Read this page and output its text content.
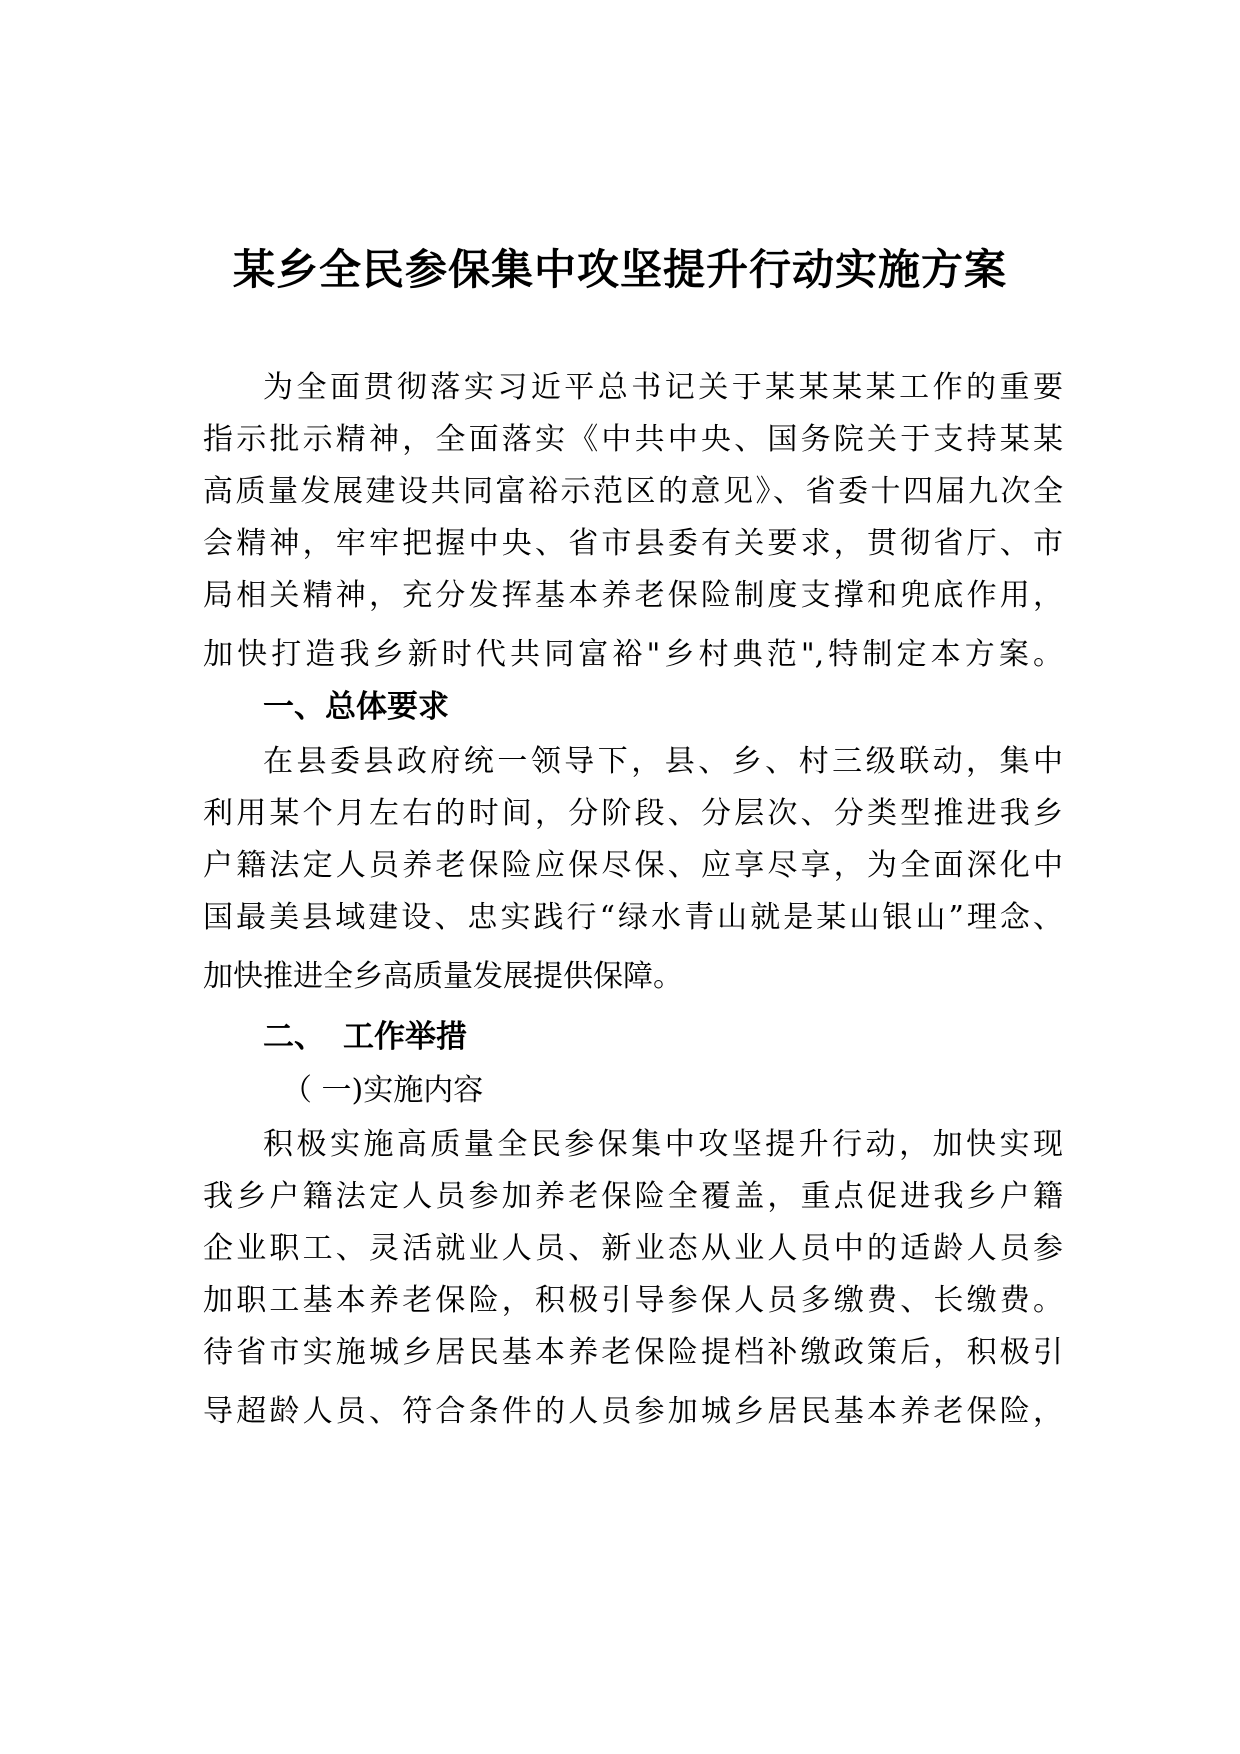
某乡全民参保集中攻坚提升行动实施方案

为全面贯彻落实习近平总书记关于某某某某工作的重要

指示批示精神，全面落实《中共中央、国务院关于支持某某

高质量发展建设共同富裕示范区的意见》、省委十四届九次全

会精神，牢牢把握中央、省市县委有关要求，贯彻省厅、市

局相关精神，充分发挥基本养老保险制度支撑和兜底作用，

加快打造我乡新时代共同富裕"乡村典范",特制定本方案。

一、总体要求

在县委县政府统一领导下，县、乡、村三级联动，集中

利用某个月左右的时间，分阶段、分层次、分类型推进我乡

户籍法定人员养老保险应保尽保、应享尽享，为全面深化中

国最美县域建设、忠实践行“绿水青山就是某山银山”理念、

加快推进全乡高质量发展提供保障。

二、 工作举措

（ 一)实施内容

积极实施高质量全民参保集中攻坚提升行动，加快实现

我乡户籍法定人员参加养老保险全覆盖，重点促进我乡户籍

企业职工、灵活就业人员、新业态从业人员中的适龄人员参

加职工基本养老保险，积极引导参保人员多缴费、长缴费。

待省市实施城乡居民基本养老保险提档补缴政策后，积极引

导超龄人员、符合条件的人员参加城乡居民基本养老保险，
